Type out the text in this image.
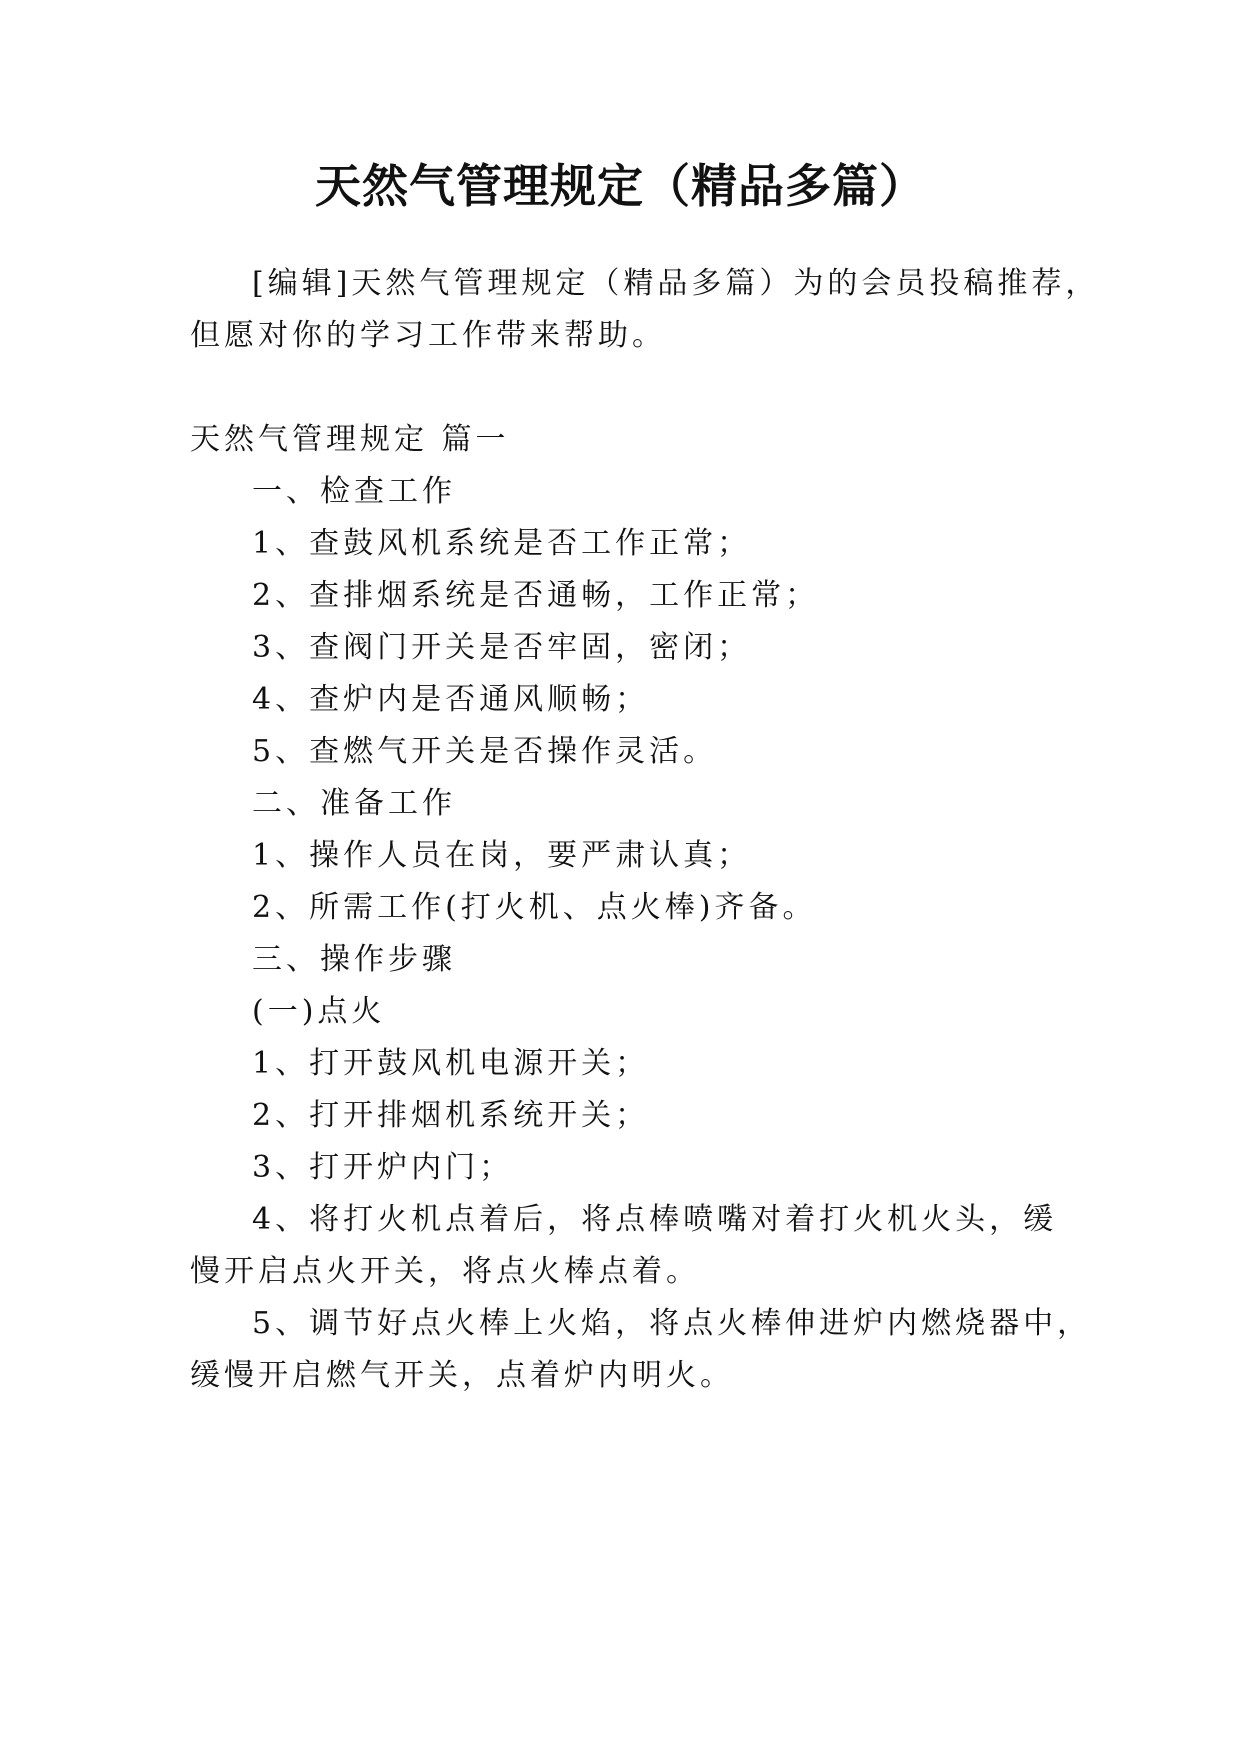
天然气管理规定（精品多篇）
[编辑]天然气管理规定（精品多篇）为的会员投稿推荐，
但愿对你的学习工作带来帮助。
天然气管理规定 篇一
一、检查工作
1、查鼓风机系统是否工作正常；
2、查排烟系统是否通畅，工作正常；
3、查阀门开关是否牢固，密闭；
4、查炉内是否通风顺畅；
5、查燃气开关是否操作灵活。
二、准备工作
1、操作人员在岗，要严肃认真；
2、所需工作(打火机、点火棒)齐备。
三、操作步骤
(一)点火
1、打开鼓风机电源开关；
2、打开排烟机系统开关；
3、打开炉内门；
4、将打火机点着后，将点棒喷嘴对着打火机火头，缓
慢开启点火开关，将点火棒点着。
5、调节好点火棒上火焰，将点火棒伸进炉内燃烧器中，
缓慢开启燃气开关，点着炉内明火。
